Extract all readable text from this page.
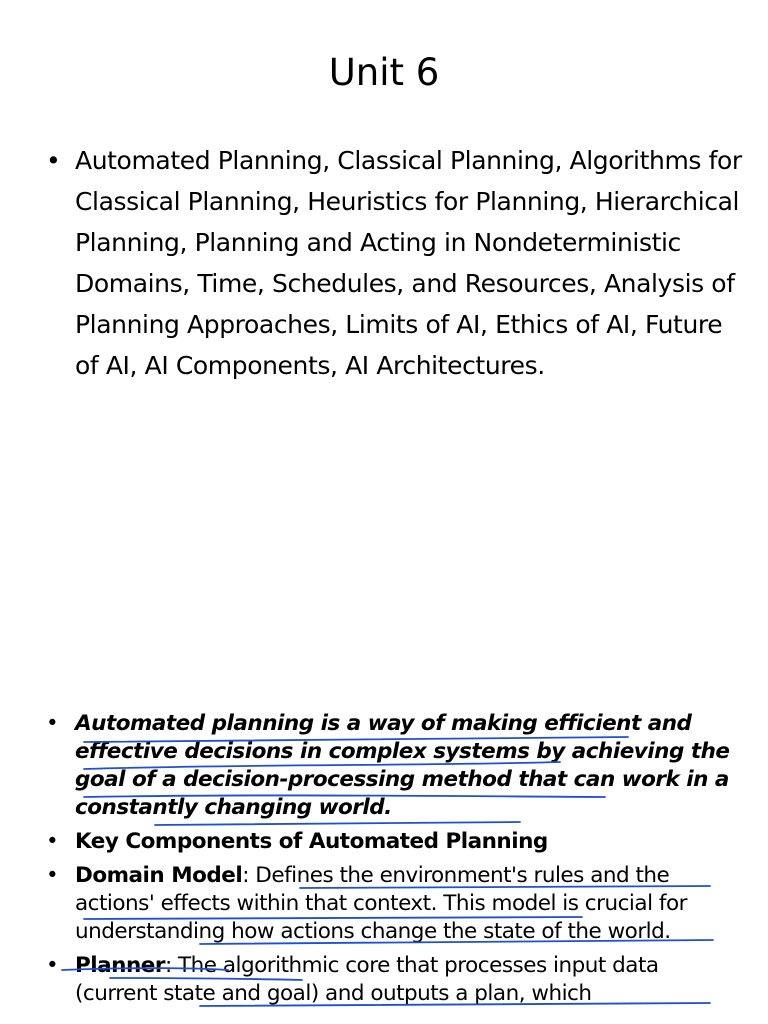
Unit 6
• Automated Planning, Classical Planning, Algorithms for Classical Planning, Heuristics for Planning, Hierarchical Planning, Planning and Acting in Nondeterministic Domains, Time, Schedules, and Resources, Analysis of Planning Approaches, Limits of AI, Ethics of AI, Future of AI, AI Components, AI Architectures.
• Automated planning is a way of making efficient and effective decisions in complex systems by achieving the goal of a decision-processing method that can work in a constantly changing world.
• Key Components of Automated Planning
• Domain Model: Defines the environment's rules and the actions' effects within that context. This model is crucial for understanding how actions change the state of the world.
• Planner: The algorithmic core that processes input data (current state and goal) and outputs a plan, which
